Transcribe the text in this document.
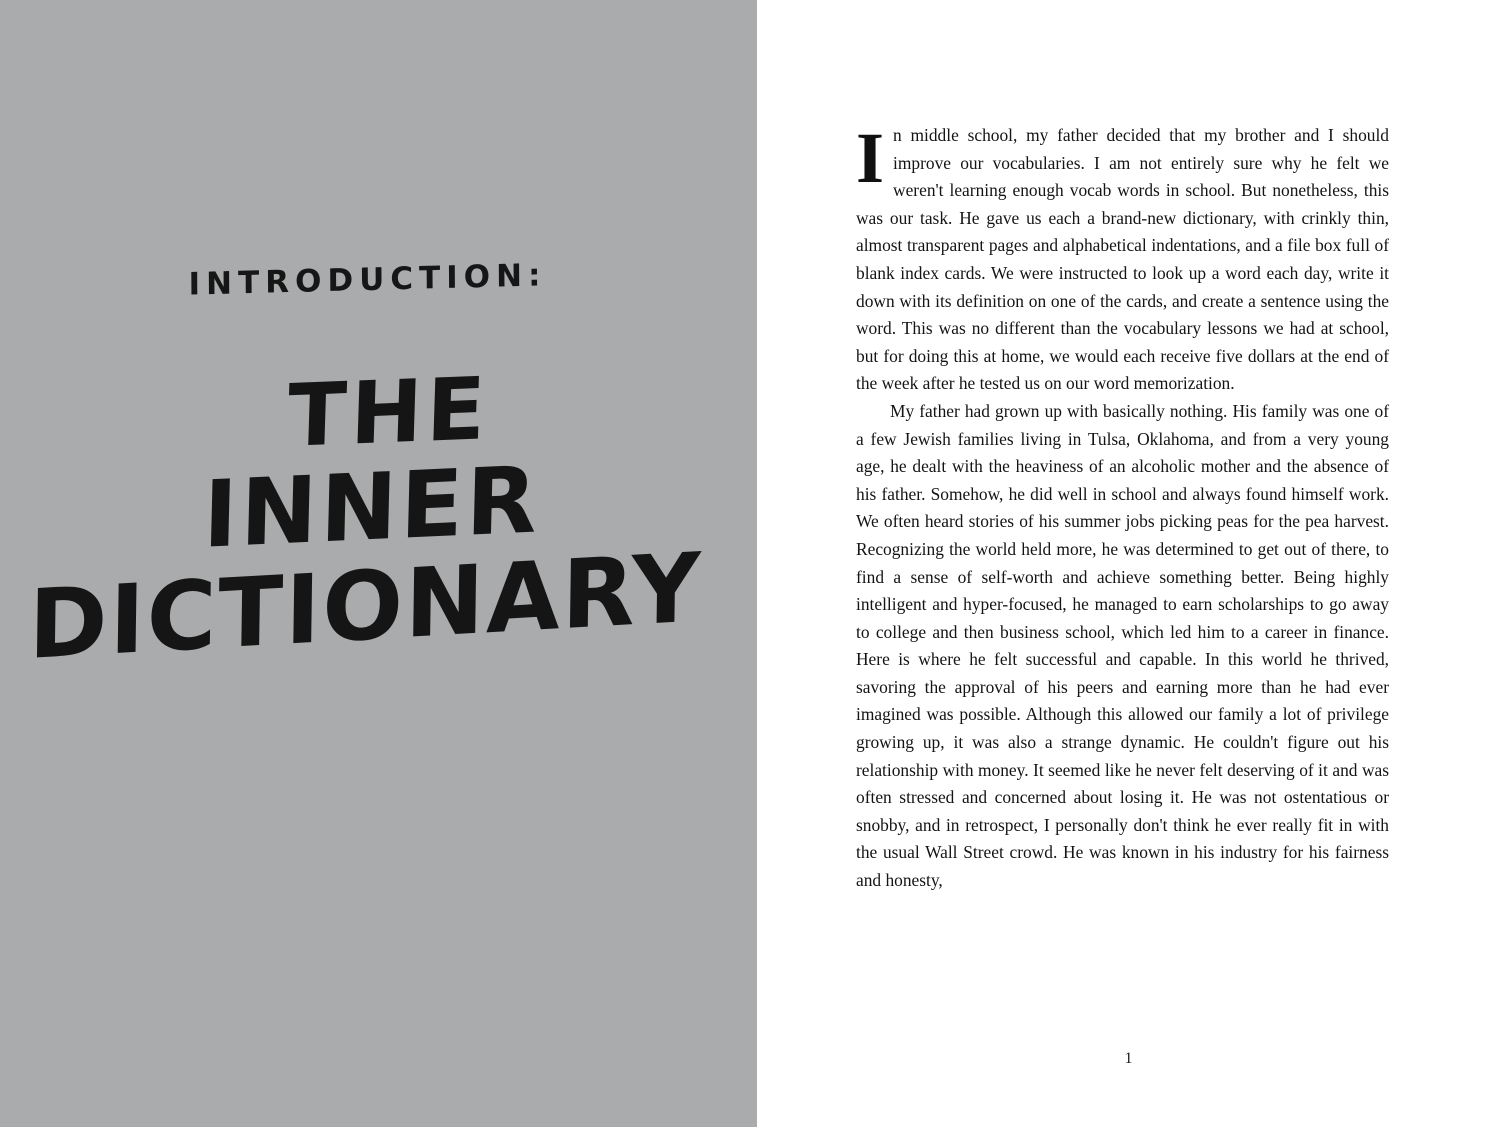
INTRODUCTION:
THE
INNER
DICTIONARY

I n middle school, my father decided that my brother and I should improve our vocabularies. I am not entirely sure why he felt we weren't learning enough vocab words in school. But nonetheless, this was our task. He gave us each a brand-new dictionary, with crinkly thin, almost transparent pages and alphabetical indentations, and a file box full of blank index cards. We were instructed to look up a word each day, write it down with its definition on one of the cards, and create a sentence using the word. This was no different than the vocabulary lessons we had at school, but for doing this at home, we would each receive five dollars at the end of the week after he tested us on our word memorization.

My father had grown up with basically nothing. His family was one of a few Jewish families living in Tulsa, Oklahoma, and from a very young age, he dealt with the heaviness of an alcoholic mother and the absence of his father. Somehow, he did well in school and always found himself work. We often heard stories of his summer jobs picking peas for the pea harvest. Recognizing the world held more, he was determined to get out of there, to find a sense of self-worth and achieve something better. Being highly intelligent and hyper-focused, he managed to earn scholarships to go away to college and then business school, which led him to a career in finance. Here is where he felt successful and capable. In this world he thrived, savoring the approval of his peers and earning more than he had ever imagined was possible. Although this allowed our family a lot of privilege growing up, it was also a strange dynamic. He couldn't figure out his relationship with money. It seemed like he never felt deserving of it and was often stressed and concerned about losing it. He was not ostentatious or snobby, and in retrospect, I personally don't think he ever really fit in with the usual Wall Street crowd. He was known in his industry for his fairness and honesty,

1
